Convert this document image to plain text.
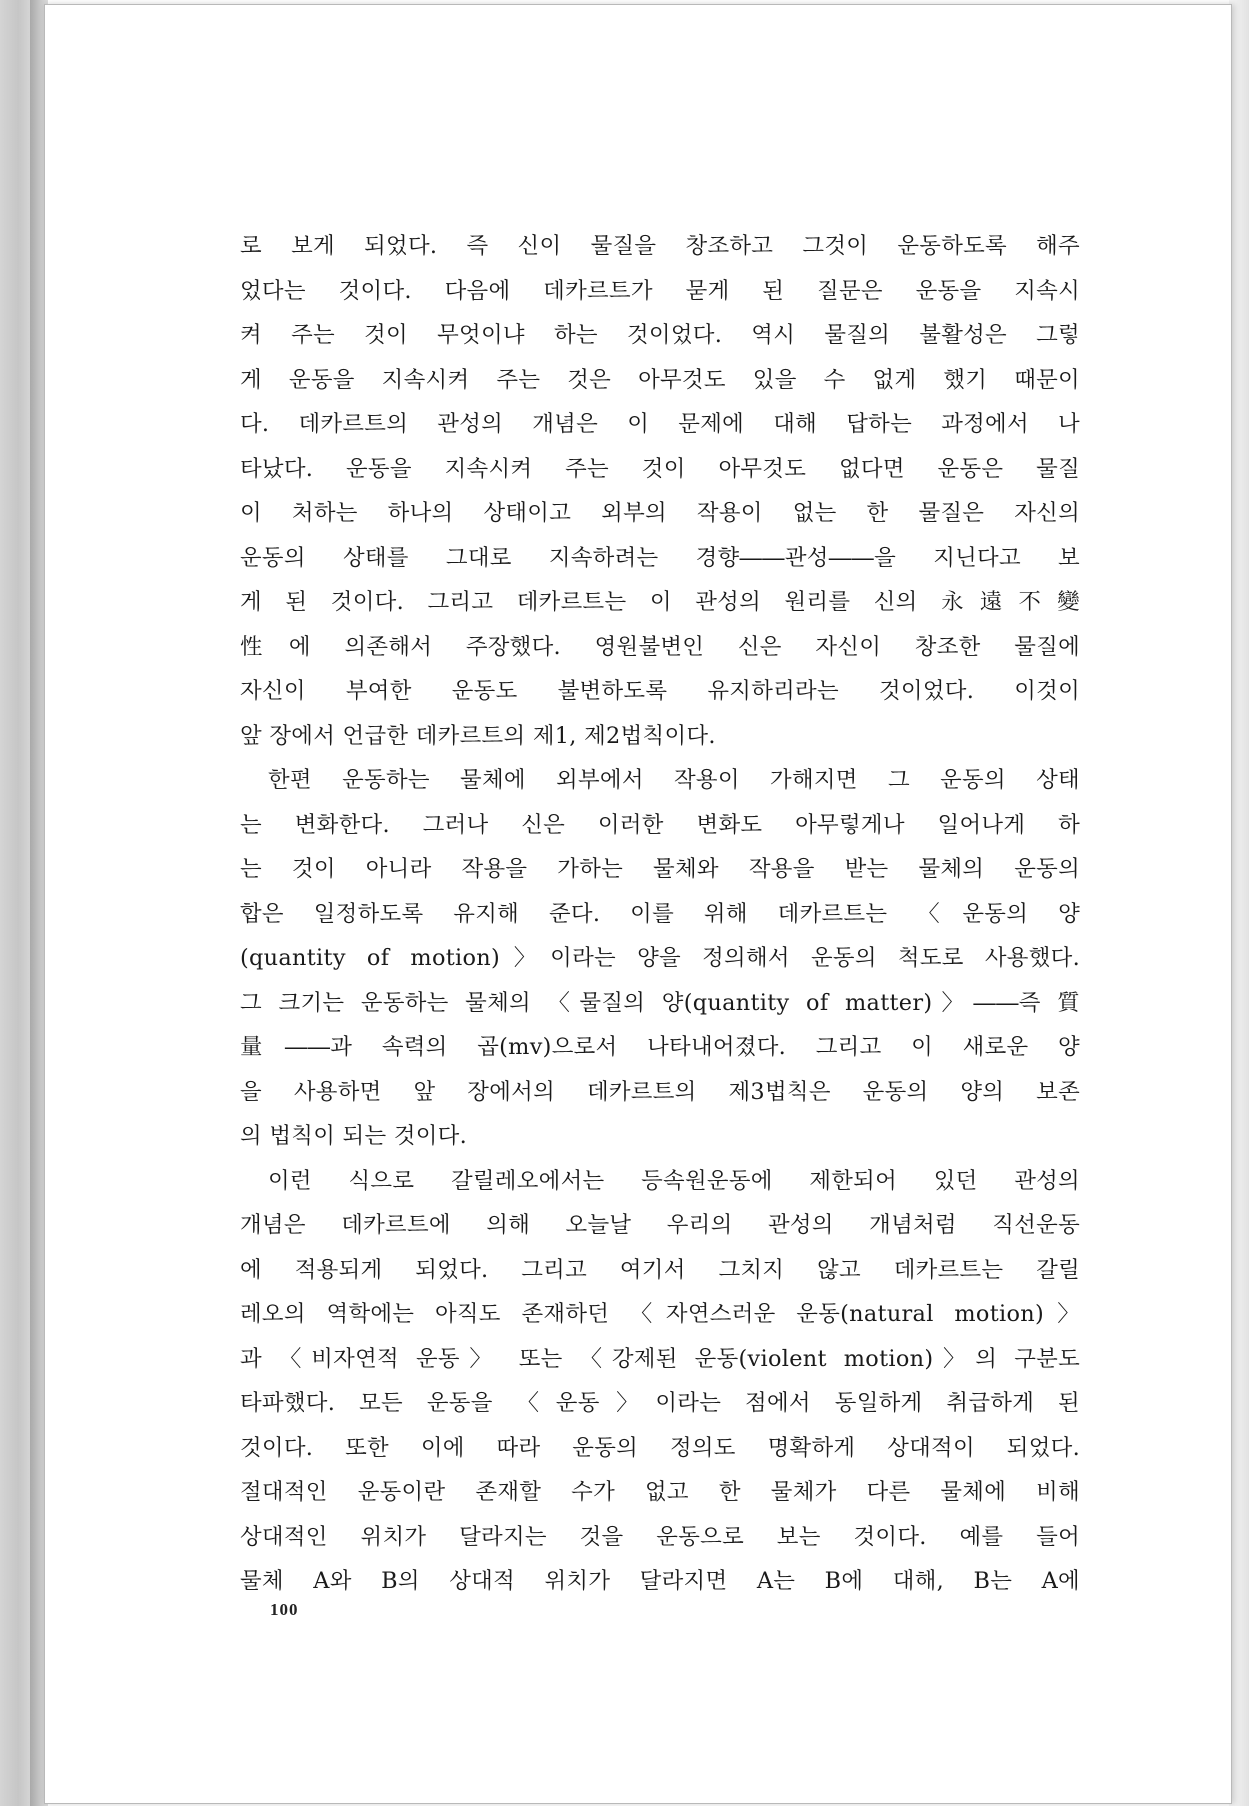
로 보게 되었다. 즉 신이 물질을 창조하고 그것이 운동하도록 해주
었다는 것이다. 다음에 데카르트가 묻게 된 질문은 운동을 지속시
켜 주는 것이 무엇이냐 하는 것이었다. 역시 물질의 불활성은 그렇
게 운동을 지속시켜 주는 것은 아무것도 있을 수 없게 했기 때문이
다. 데카르트의 관성의 개념은 이 문제에 대해 답하는 과정에서 나
타났다. 운동을 지속시켜 주는 것이 아무것도 없다면 운동은 물질
이 처하는 하나의 상태이고 외부의 작용이 없는 한 물질은 자신의
운동의 상태를 그대로 지속하려는 경향――관성――을 지닌다고 보
게 된 것이다. 그리고 데카르트는 이 관성의 원리를 신의 永遠不變
性에 의존해서 주장했다. 영원불변인 신은 자신이 창조한 물질에
자신이 부여한 운동도 불변하도록 유지하리라는 것이었다. 이것이
앞 장에서 언급한 데카르트의 제1, 제2법칙이다.
한편 운동하는 물체에 외부에서 작용이 가해지면 그 운동의 상태
는 변화한다. 그러나 신은 이러한 변화도 아무렇게나 일어나게 하
는 것이 아니라 작용을 가하는 물체와 작용을 받는 물체의 운동의
합은 일정하도록 유지해 준다. 이를 위해 데카르트는 〈운동의 양
(quantity of motion)〉이라는 양을 정의해서 운동의 척도로 사용했다.
그 크기는 운동하는 물체의 〈물질의 양(quantity of matter)〉――즉 質
量――과 속력의 곱(mv)으로서 나타내어졌다. 그리고 이 새로운 양
을 사용하면 앞 장에서의 데카르트의 제3법칙은 운동의 양의 보존
의 법칙이 되는 것이다.
이런 식으로 갈릴레오에서는 등속원운동에 제한되어 있던 관성의
개념은 데카르트에 의해 오늘날 우리의 관성의 개념처럼 직선운동
에 적용되게 되었다. 그리고 여기서 그치지 않고 데카르트는 갈릴
레오의 역학에는 아직도 존재하던 〈자연스러운 운동(natural motion)〉
과 〈비자연적 운동〉 또는 〈강제된 운동(violent motion)〉의 구분도
타파했다. 모든 운동을 〈운동〉이라는 점에서 동일하게 취급하게 된
것이다. 또한 이에 따라 운동의 정의도 명확하게 상대적이 되었다.
절대적인 운동이란 존재할 수가 없고 한 물체가 다른 물체에 비해
상대적인 위치가 달라지는 것을 운동으로 보는 것이다. 예를 들어
물체 A와 B의 상대적 위치가 달라지면 A는 B에 대해, B는 A에
100
